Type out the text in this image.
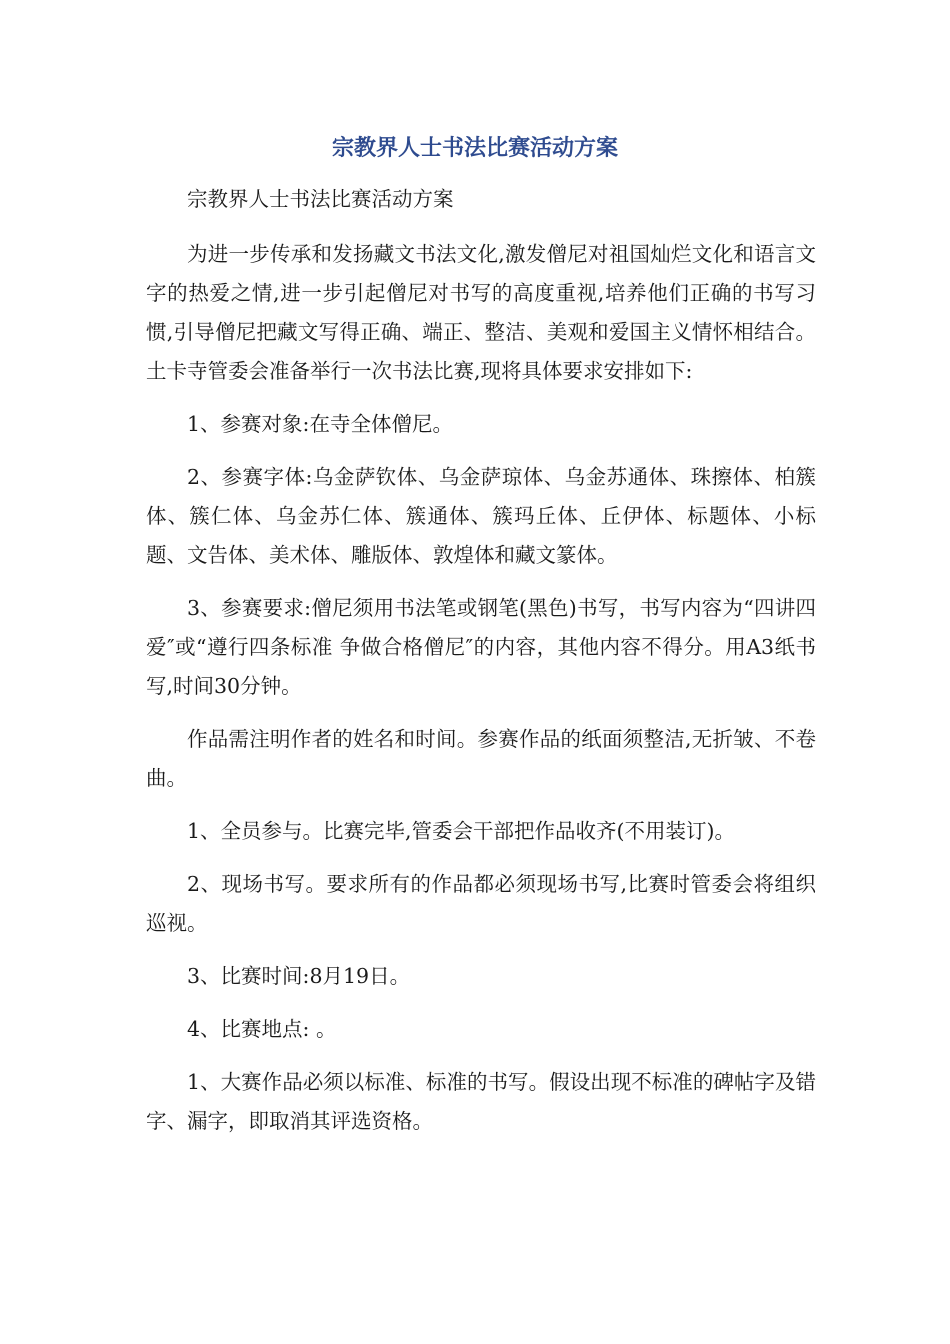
宗教界人士书法比赛活动方案

宗教界人士书法比赛活动方案

为进一步传承和发扬藏文书法文化,激发僧尼对祖国灿烂文化和语言文字的热爱之情,进一步引起僧尼对书写的高度重视,培养他们正确的书写习惯,引导僧尼把藏文写得正确、端正、整洁、美观和爱国主义情怀相结合。土卡寺管委会准备举行一次书法比赛,现将具体要求安排如下:

1、参赛对象:在寺全体僧尼。

2、参赛字体:乌金萨钦体、乌金萨琼体、乌金苏通体、珠擦体、柏簇体、簇仁体、乌金苏仁体、簇通体、簇玛丘体、丘伊体、标题体、小标题、文告体、美术体、雕版体、敦煌体和藏文篆体。

3、参赛要求:僧尼须用书法笔或钢笔(黑色)书写，书写内容为“四讲四爱″或“遵行四条标准 争做合格僧尼″的内容，其他内容不得分。用A3纸书写,时间30分钟。

作品需注明作者的姓名和时间。参赛作品的纸面须整洁,无折皱、不卷曲。

1、全员参与。比赛完毕,管委会干部把作品收齐(不用装订)。

2、现场书写。要求所有的作品都必须现场书写,比赛时管委会将组织巡视。

3、比赛时间:8月19日。

4、比赛地点: 。

1、大赛作品必须以标准、标准的书写。假设出现不标准的碑帖字及错字、漏字，即取消其评选资格。
